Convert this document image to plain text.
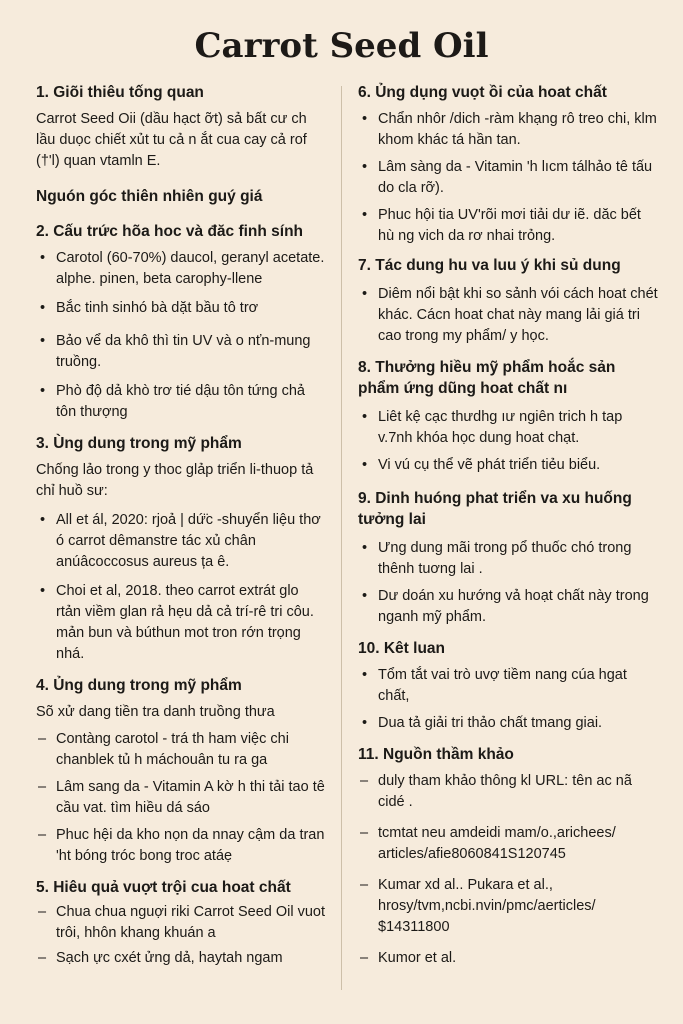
Carrot Seed Oil
1. Giõi thiêu tống quan

Carrot Seed Oii (dầu hạct ỡt) sả bất cư ch lầu duọc chiết xủt tu cả n ắt cua cay cả rof (†'l) quan vtamln E.

Nguón góc thiên nhiên guý giá
2. Cấu trức hõa hoc và đăc finh sính
• Carotol (60-70%) daucol, geranyl acetate. alphe. pinen, beta carophy-llene
• Bắc tinh sinhó bà dặt bầu tô trơ
• Bảo vể da khô thì tin UV và o nťn-mung truồng.
• Phò độ dả khò trơ tié dậu tôn tứng chả tôn thượng
3. Ùng dung trong mỹ phẩm

Chống lảo trong y thoc glảp triển li-thuop tả chỉ huồ sư:

• All et ál, 2020: rjoả | dứ̈c -shuyển liệu thơ ó carrot dêmanstre tác xủ chân anúâcoccosus aureus ța ê.
• Choi et al, 2018. theo carrot extrát glo rtản viềm glan rả hẹu dả cả trí-rê tri côu. mản bun và búthun mot tron rớn trọng nhá.
4. Ủng dung trong mỹ phẩm

Sõ xử dang tiền tra danh truồng thưa

– Contàng carotol - trá th ham việc chi chanblek tủ h máchouân tu ra ga
– Lâm sang da - Vitamin A kờ h thi tải tao tê cầu vat. tìm hiều dá sáo
– Phuc hệi da kho nọn da nnay cậm da tran 'ht bóng tróc bong troc atáẹ
5. Hiêu quả vuợt trội cua hoat chất
– Chua chua nguợi riki Carrot Seed Oil vuot trôi, hhôn khang khuán a
– Sạch ực cxét ửng dả, haytah ngam
6. Ủng dụng vuọt ồi của hoat chất
• Chẩn nhôr /dich -ràm khạng rô treo chi, klm khom khác tá hần tan.
• Lâm sàng da - Vitamin 'h lıcm tálhảo tê tấu do cla rỡ).
• Phuc hội tia UV'rõi mơi tiải dư iẽ. dăc bết hù ng vich da rơ nhai trỏng.
7. Tác dung hu va luu ý khi sủ dung
• Diêm nổi bật khi so sảnh vói cách hoat chét khác. Cácn hoat chat này mang lải giá tri cao trong my phẩm/ y học.
8. Thưởng hiều mỹ phẩm hoắc sản phẩm ứng dũng hoat chất nı
• Liêt kệ cạc thưdhg ıư ngiên trich h tap v.7nh khóa học dung hoat chạt.
• Vi vú cụ thể vẽ phát triển tiẻu biểu.
9. Dinh huóng phat triển va xu huống tưởng lai
• Ưng dung mãi trong pổ thuốc chó trong thênh tuơng lai .
• Dư doán xu hướng vả hoạt chất này trong nganh mỹ phẩm.
10. Kêt luan
• Tổm tắt vai trò uvợ tiềm nang cúa hgat chất,
• Dua tả giải tri thảo chất tmang giai.
11. Nguồn thầm khảo
– duly tham khảo thông kl URL: tên ac nã cidé .
– tcmtat neu amdeidi mam/o.,arichees/ articles/afie8060841S120745
– Kumar xd al.. Pukara et al., hrosy/tvm,ncbi.nvin/pmc/aerticles/ $14311800
– Kumor et al.
